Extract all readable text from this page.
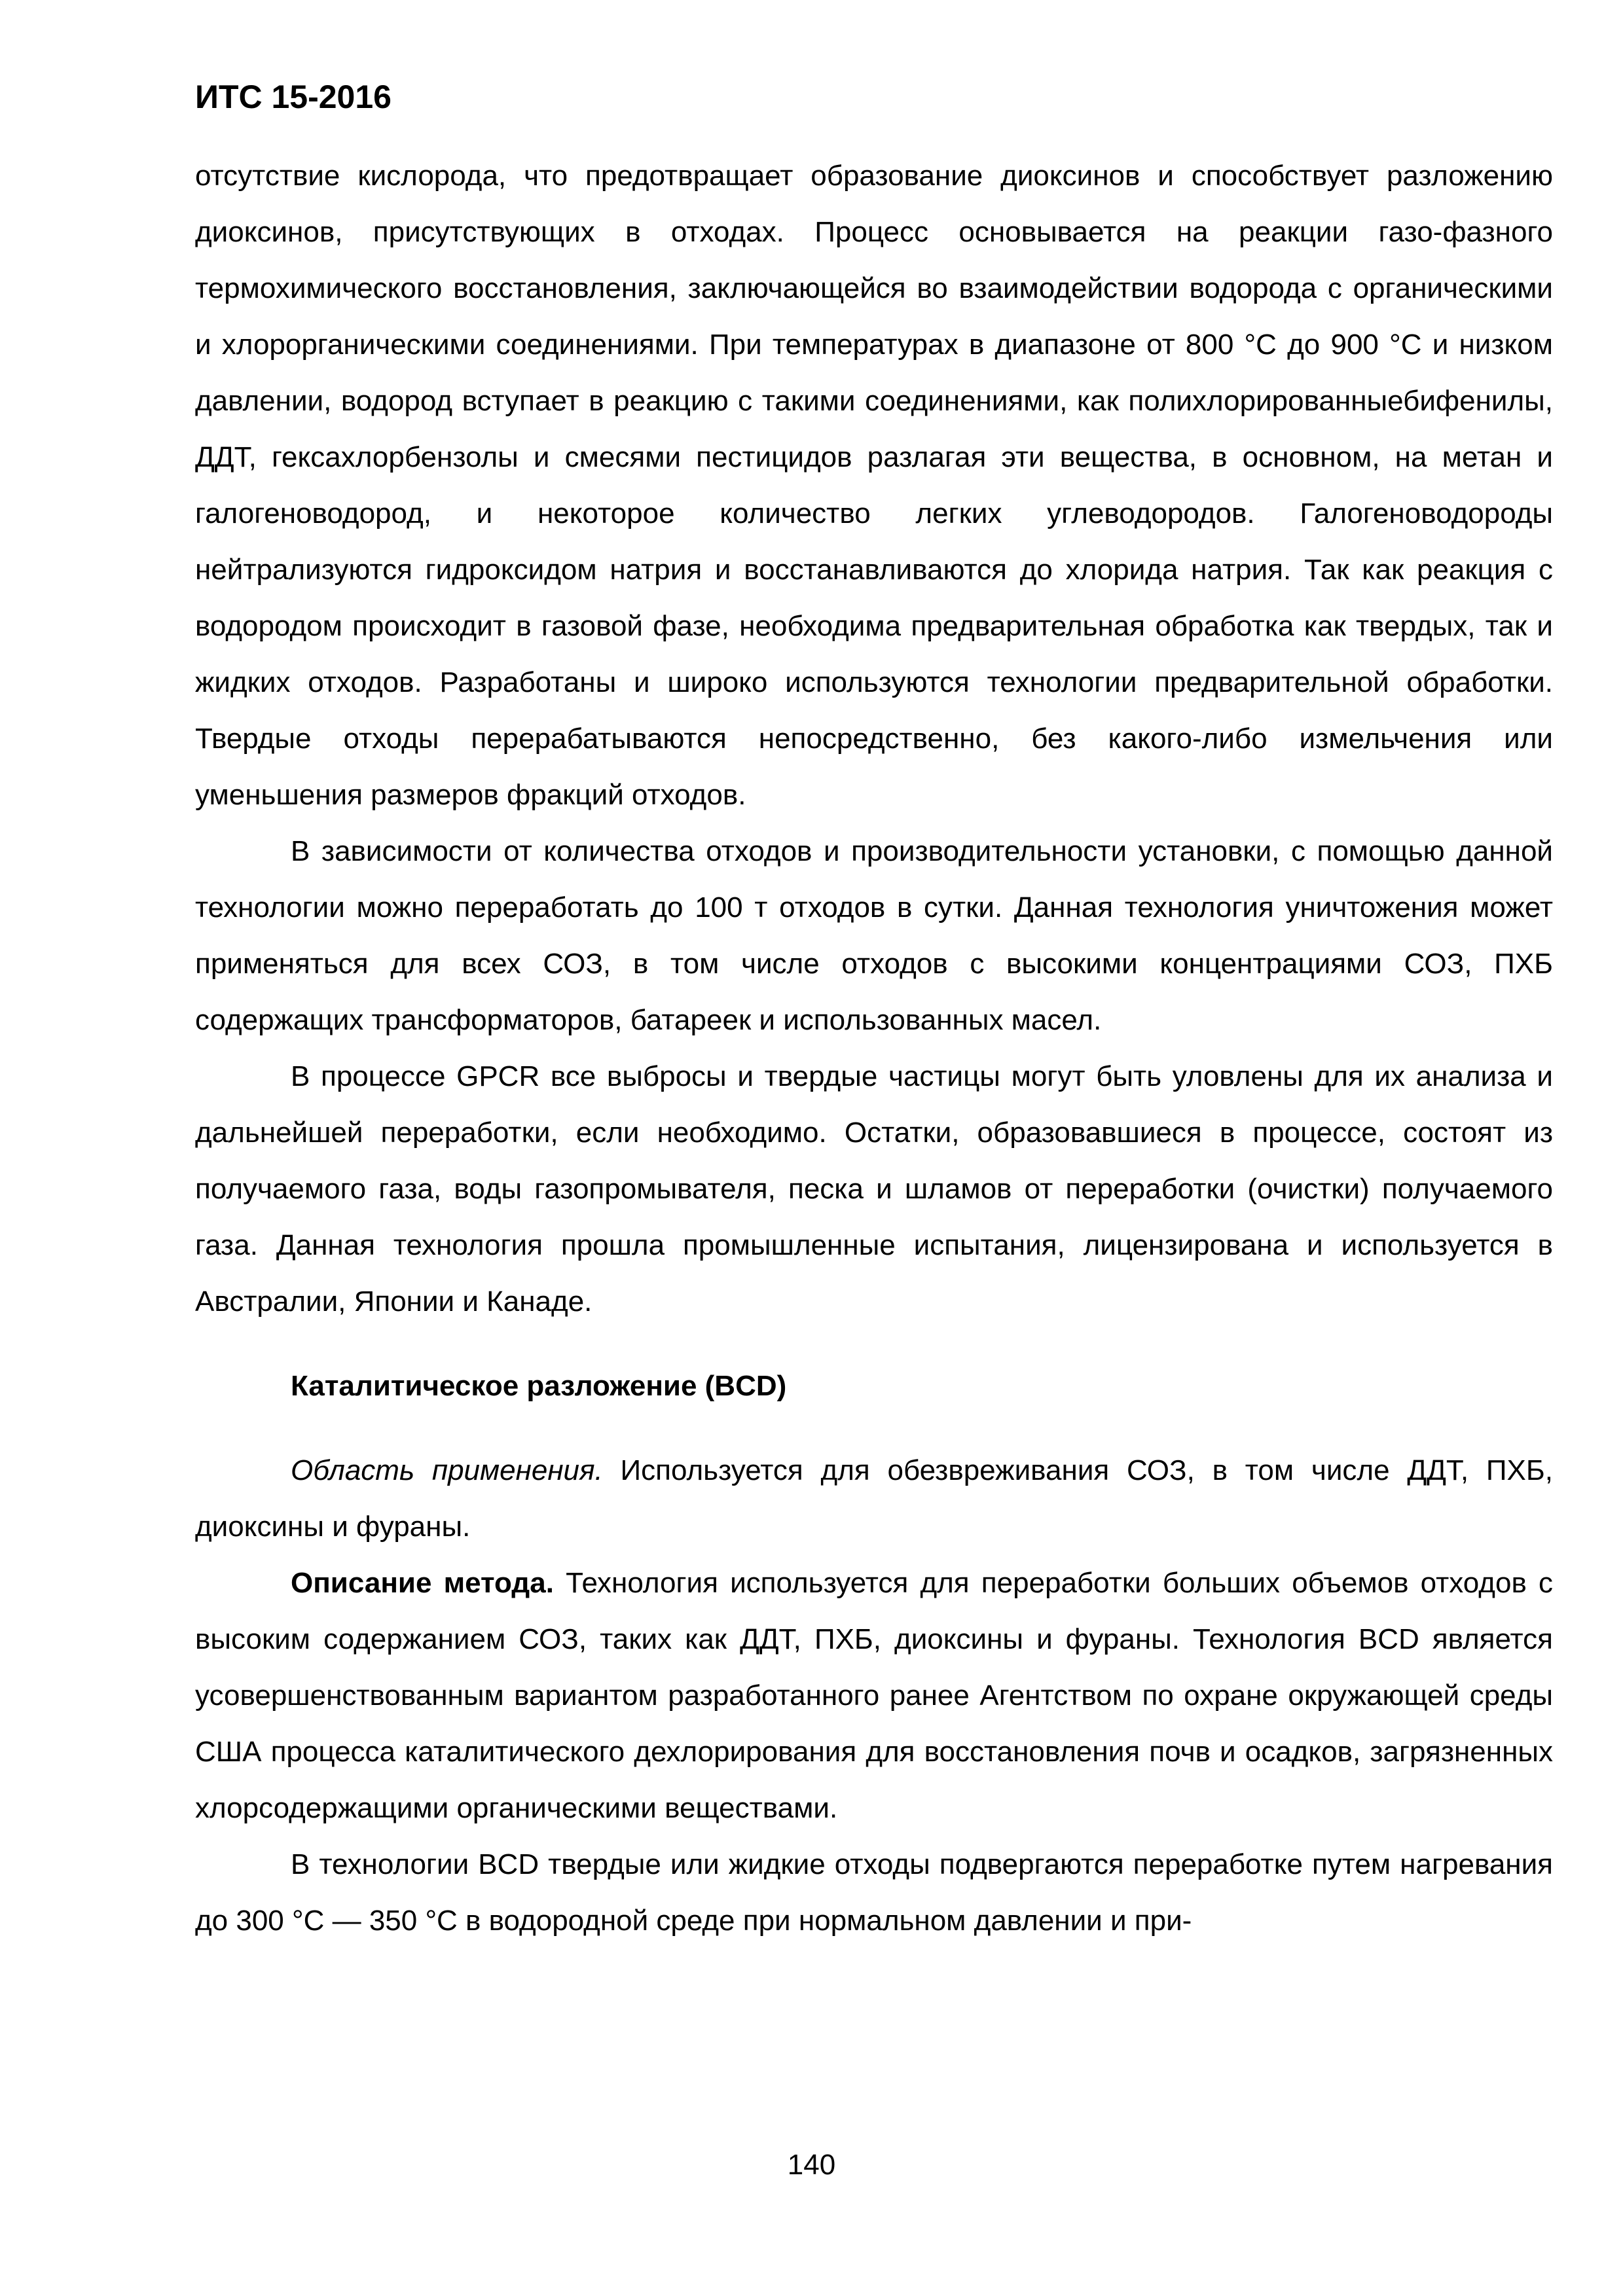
ИТС 15-2016

отсутствие кислорода, что предотвращает образование диоксинов и способствует разложению диоксинов, присутствующих в отходах. Процесс основывается на реакции газо-фазного термохимического восстановления, заключающейся во взаимодействии водорода с органическими и хлорорганическими соединениями. При температурах в диапазоне от 800 °С до 900 °С и низком давлении, водород вступает в реакцию с такими соединениями, как полихлорированныебифенилы, ДДТ, гексахлорбензолы и смесями пестицидов разлагая эти вещества, в основном, на метан и галогеноводород, и некоторое количество легких углеводородов. Галогеноводороды нейтрализуются гидроксидом натрия и восстанавливаются до хлорида натрия. Так как реакция с водородом происходит в газовой фазе, необходима предварительная обработка как твердых, так и жидких отходов. Разработаны и широко используются технологии предварительной обработки. Твердые отходы перерабатываются непосредственно, без какого-либо измельчения или уменьшения размеров фракций отходов.

В зависимости от количества отходов и производительности установки, с помощью данной технологии можно переработать до 100 т отходов в сутки. Данная технология уничтожения может применяться для всех СОЗ, в том числе отходов с высокими концентрациями СОЗ, ПХБ содержащих трансформаторов, батареек и использованных масел.

В процессе GPCR все выбросы и твердые частицы могут быть уловлены для их анализа и дальнейшей переработки, если необходимо. Остатки, образовавшиеся в процессе, состоят из получаемого газа, воды газопромывателя, песка и шламов от переработки (очистки) получаемого газа. Данная технология прошла промышленные испытания, лицензирована и используется в Австралии, Японии и Канаде.

Каталитическое разложение (BCD)

Область применения. Используется для обезвреживания СОЗ, в том числе ДДТ, ПХБ, диоксины и фураны.

Описание метода. Технология используется для переработки больших объемов отходов с высоким содержанием СОЗ, таких как ДДТ, ПХБ, диоксины и фураны. Технология BCD является усовершенствованным вариантом разработанного ранее Агентством по охране окружающей среды США процесса каталитического дехлорирования для восстановления почв и осадков, загрязненных хлорсодержащими органическими веществами.

В технологии BCD твердые или жидкие отходы подвергаются переработке путем нагревания до 300 °С — 350 °С в водородной среде при нормальном давлении и при-

140
